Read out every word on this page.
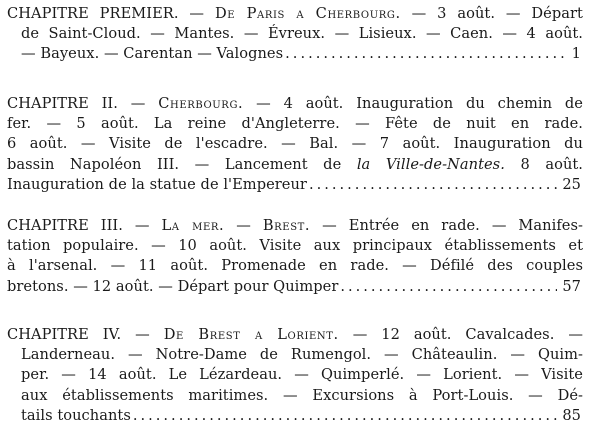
CHAPITRE PREMIER. — De Paris a Cherbourg. — 3 août. — Départ
de Saint-Cloud. — Mantes. — Évreux. — Lisieux. — Caen. — 4 août.
— Bayeux. — Carentan — Valognes .....	1
CHAPITRE II. — Cherbourg. — 4 août. Inauguration du chemin de
fer. — 5 août. La reine d'Angleterre. — Fête de nuit en rade.
6 août. — Visite de l'escadre. — Bal. — 7 août. Inauguration du
bassin Napoléon III. — Lancement de la Ville-de-Nantes. 8 août.
Inauguration de la statue de l'Empereur .....	25
CHAPITRE III. — La mer. — Brest. — Entrée en rade. — Manifes-
tation populaire. — 10 août. Visite aux principaux établissements et
à l'arsenal. — 11 août. Promenade en rade. — Défilé des couples
bretons. — 12 août. — Départ pour Quimper .....	57
CHAPITRE IV. — De Brest a Lorient. — 12 août. Cavalcades. —
Landerneau. — Notre-Dame de Rumengol. — Châteaulin. — Quim-
per. — 14 août. Le Lézardeau. — Quimperlé. — Lorient. — Visite
aux établissements maritimes. — Excursions à Port-Louis. — Dé-
tails touchants .....	85
